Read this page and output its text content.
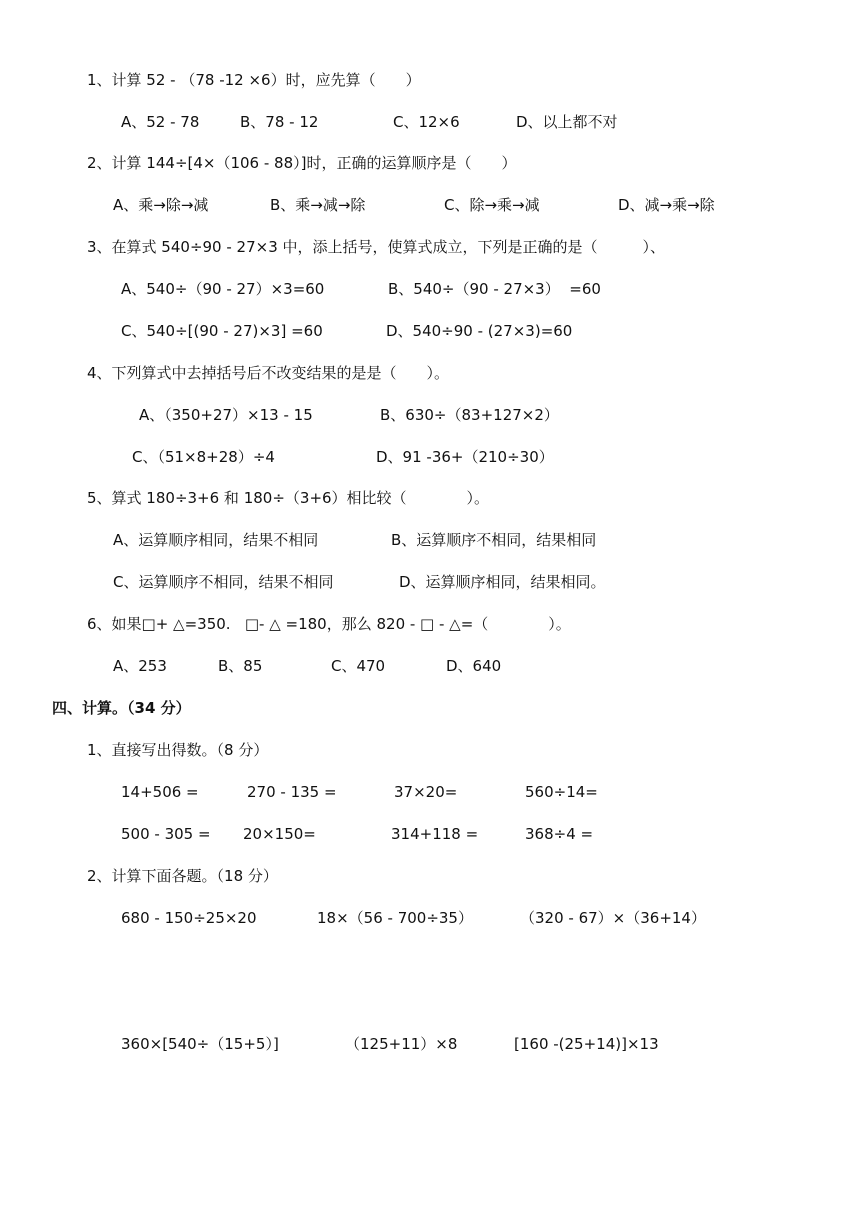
1、计算 52 - （78 -12 ×6）时，应先算（　　）
A、52 - 78	B、78 - 12	C、12×6	D、以上都不对
2、计算 144÷[4×（106 - 88）]时，正确的运算顺序是（　　）
A、乘→除→减	B、乘→减→除	C、除→乘→减	D、减→乘→除
3、在算式 540÷90 - 27×3 中，添上括号，使算式成立，下列是正确的是（　　　）、
A、540÷（90 - 27）×3=60	B、540÷（90 - 27×3）  =60
C、540÷[(90 - 27)×3] =60	D、540÷90 - (27×3)=60
4、下列算式中去掉括号后不改变结果的是是（　　）。
A、（350+27）×13 - 15	B、630÷（83+127×2）
C、（51×8+28）÷4	D、91 -36+（210÷30）
5、算式 180÷3+6 和 180÷（3+6）相比较（　　　　）。
A、运算顺序相同，结果不相同	B、运算顺序不相同，结果相同
C、运算顺序不相同，结果不相同	D、运算顺序相同，结果相同。
6、如果□+ △=350.   □- △ =180，那么 820 - □ - △=（　　　　）。
A、253	B、85	C、470	D、640
四、计算。（34 分）
1、直接写出得数。（8 分）
14+506 =	270 - 135 =	37×20=	560÷14=
500 - 305 = 20×150=	314+118 =	368÷4 =
2、计算下面各题。（18 分）
680 - 150÷25×20	18×（56 - 700÷35）	（320 - 67）×（36+14）
360×[540÷（15+5）]	（125+11）×8	[160 -(25+14)]×13
